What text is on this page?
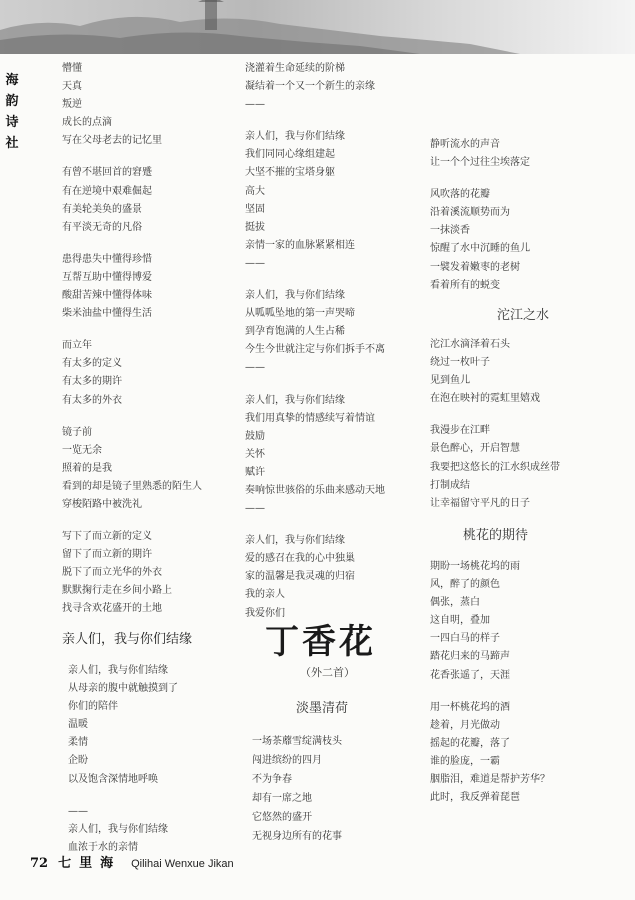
海
韵
诗
社
懵懂
天真
叛逆
成长的点滴
写在父母老去的记忆里
有曾不堪回首的窘蹙
有在逆境中艰难倔起
有美轮美奂的盛景
有平淡无奇的凡俗
患得患失中懂得珍惜
互帮互助中懂得博爱
酸甜苦辣中懂得体味
柴米油盐中懂得生活
而立年
有太多的定义
有太多的期许
有太多的外衣
镜子前
一览无余
照着的是我
看到的却是镜子里熟悉的陌生人
穿梭陌路中被洗礼
写下了而立新的定义
留下了而立新的期许
脱下了而立光华的外衣
默默掬行走在乡间小路上
找寻含欢花盛开的土地
亲人们，我与你们结缘
亲人们，我与你们结缘
从母亲的腹中就触摸到了
你们的陪伴
温暖
柔情
企盼
以及饱含深情地呼唤
——
亲人们，我与你们结缘
血浓于水的亲情
浇灌着生命延续的阶梯
凝结着一个又一个新生的亲缘
——
亲人们，我与你们结缘
我们同同心缘组建起
大坚不摧的宝塔身躯
高大
坚固
挺拔
亲情一家的血脉紧紧相连
——
亲人们，我与你们结缘
从呱呱坠地的第一声哭啼
到孕育饱满的人生占稀
今生今世就注定与你们拆手不离
——
亲人们，我与你们结缘
我们用真挚的情感续写着情谊
鼓励
关怀
赋许
奏响惊世骇俗的乐曲来感动天地
——
亲人们，我与你们结缘
爱的感召在我的心中独巢
家的温馨是我灵魂的归宿
我的亲人
我爱你们
静听流水的声音
让一个个过往尘埃落定
风吹落的花瓣
沿着溪流顺势而为
一抹淡香
惊醒了水中沉睡的鱼儿
一襞发着嫩枣的老树
看着所有的蜕变
沱江之水
沱江水滴泽着石头
绕过一枚叶子
见到鱼儿
在泡在映衬的霓虹里嬉戏
我漫步在江畔
景色醉心，开启智慧
我要把这悠长的江水织成丝带
打制成结
让幸福留守平凡的日子
桃花的期待
期盼一场桃花坞的雨
风，醉了的颜色
偶张，蒸白
这自明，叠加
一四白马的样子
踏花归来的马蹄声
花香张遥了，天涯
用一杯桃花坞的酒
趁着，月光做动
摇起的花瓣，落了
谁的脸庞，一霸
胭脂泪，难道是帮护芳华？
此时，我反弹着琵琶
丁香花
（外二首）
淡墨清荷
一场茶蘼雪绽满枝头
闯进缤纷的四月
不为争春
却有一席之地
它悠然的盛开
无视身边所有的花事
72 七里海 Qilihai Wenxue Jikan
